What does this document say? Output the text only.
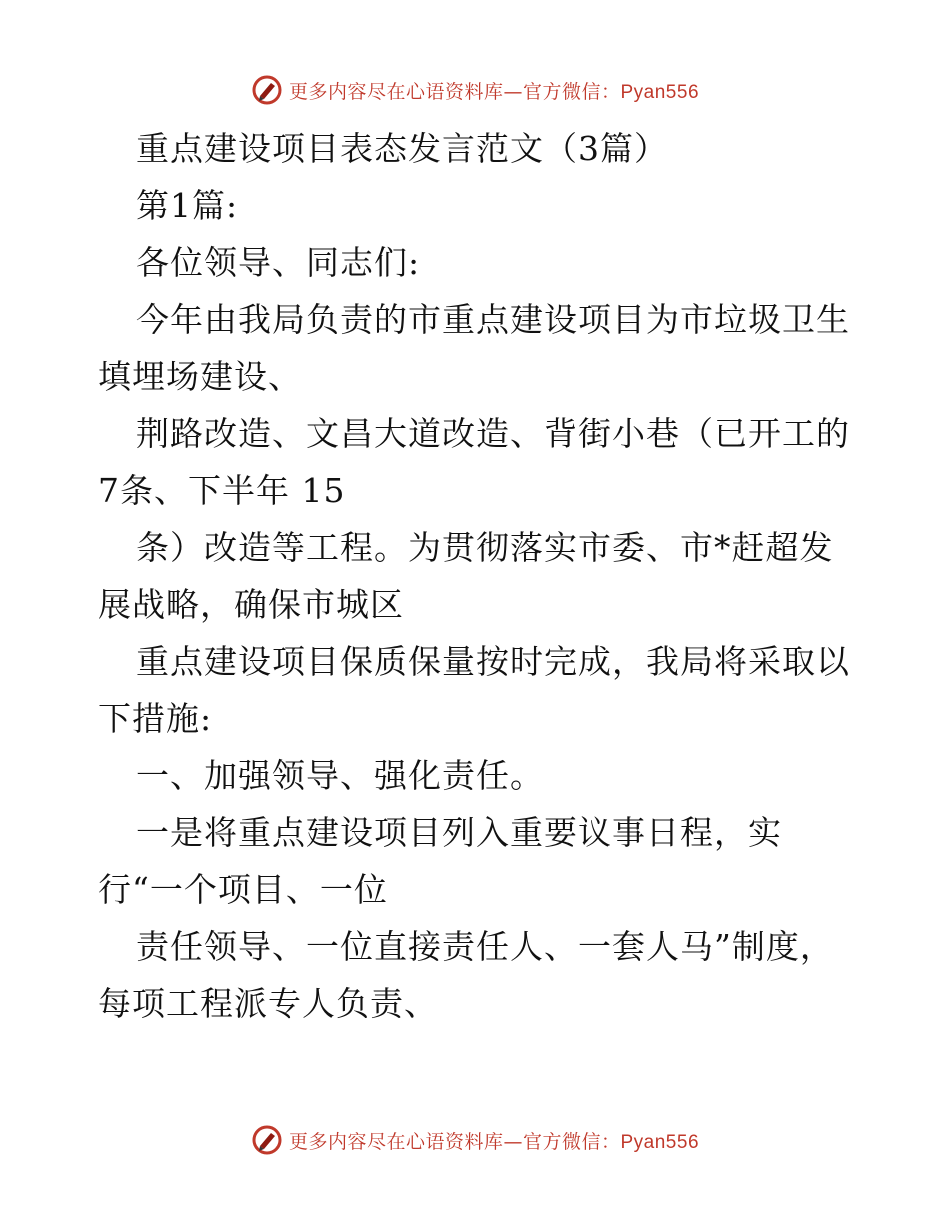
更多内容尽在心语资料库—官方微信：Pyan556
重点建设项目表态发言范文（3篇）
第1篇:
各位领导、同志们:
今年由我局负责的市重点建设项目为市垃圾卫生
填埋场建设、
荆路改造、文昌大道改造、背街小巷（已开工的
7条、下半年 15
条）改造等工程。为贯彻落实市委、市*赶超发
展战略，确保市城区
重点建设项目保质保量按时完成，我局将采取以
下措施:
一、加强领导、强化责任。
一是将重点建设项目列入重要议事日程，实
行“一个项目、一位
责任领导、一位直接责任人、一套人马”制度，
每项工程派专人负责、
更多内容尽在心语资料库—官方微信：Pyan556
